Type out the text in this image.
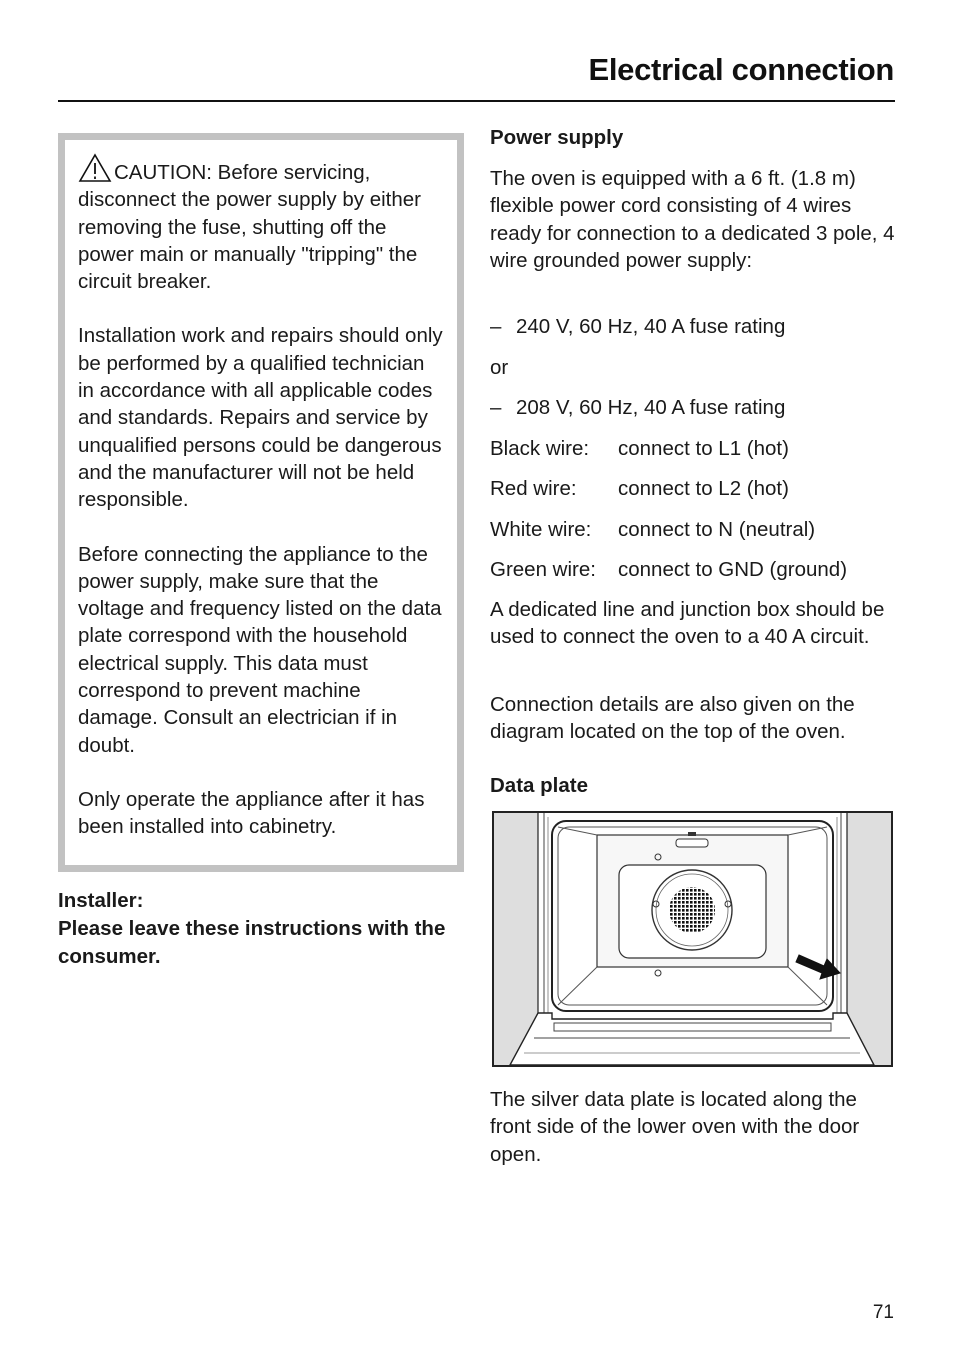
Electrical connection

CAUTION: Before servicing, disconnect the power supply by either removing the fuse, shutting off the power main or manually "tripping" the circuit breaker.

Installation work and repairs should only be performed by a qualified technician in accordance with all applicable codes and standards. Repairs and service by unqualified persons could be dangerous and the manufacturer will not be held responsible.

Before connecting the appliance to the power supply, make sure that the voltage and frequency listed on the data plate correspond with the household electrical supply. This data must correspond to prevent machine damage. Consult an electrician if in doubt.

Only operate the appliance after it has been installed into cabinetry.

Installer:
Please leave these instructions with the consumer.
Power supply
The oven is equipped with a 6 ft. (1.8 m) flexible power cord consisting of 4 wires ready for connection to a dedicated 3 pole, 4 wire grounded power supply:
– 240 V, 60 Hz, 40 A fuse rating
or
– 208 V, 60 Hz, 40 A fuse rating
Black wire: connect to L1 (hot)
Red wire: connect to L2 (hot)
White wire: connect to N (neutral)
Green wire: connect to GND (ground)
A dedicated line and junction box should be used to connect the oven to a 40 A circuit.
Connection details are also given on the diagram located on the top of the oven.
Data plate
The silver data plate is located along the front side of the lower oven with the door open.
71
